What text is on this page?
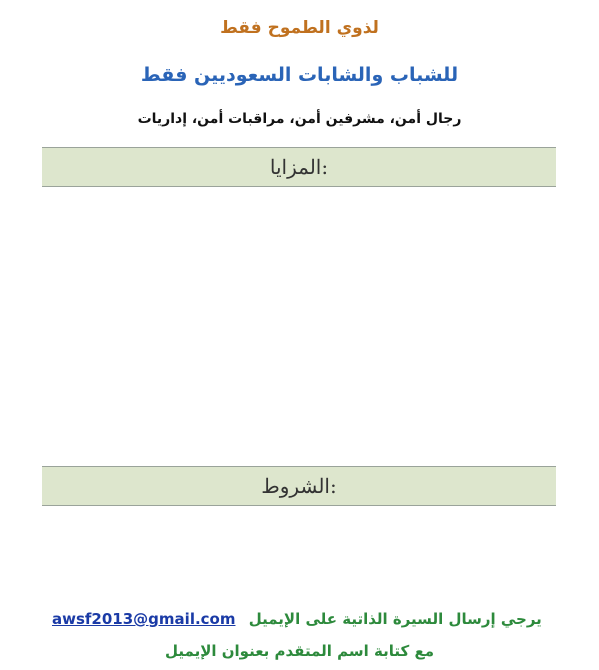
لذوي الطموح فقط
للشباب والشابات السعوديين فقط
رجال أمن، مشرفين أمن، مراقبات أمن، إداريات
المزايا:
الشروط:
awsf2013@gmail.com يرجي إرسال السيرة الذاتية على الإيميل
مع كتابة اسم المتقدم بعنوان الإيميل
